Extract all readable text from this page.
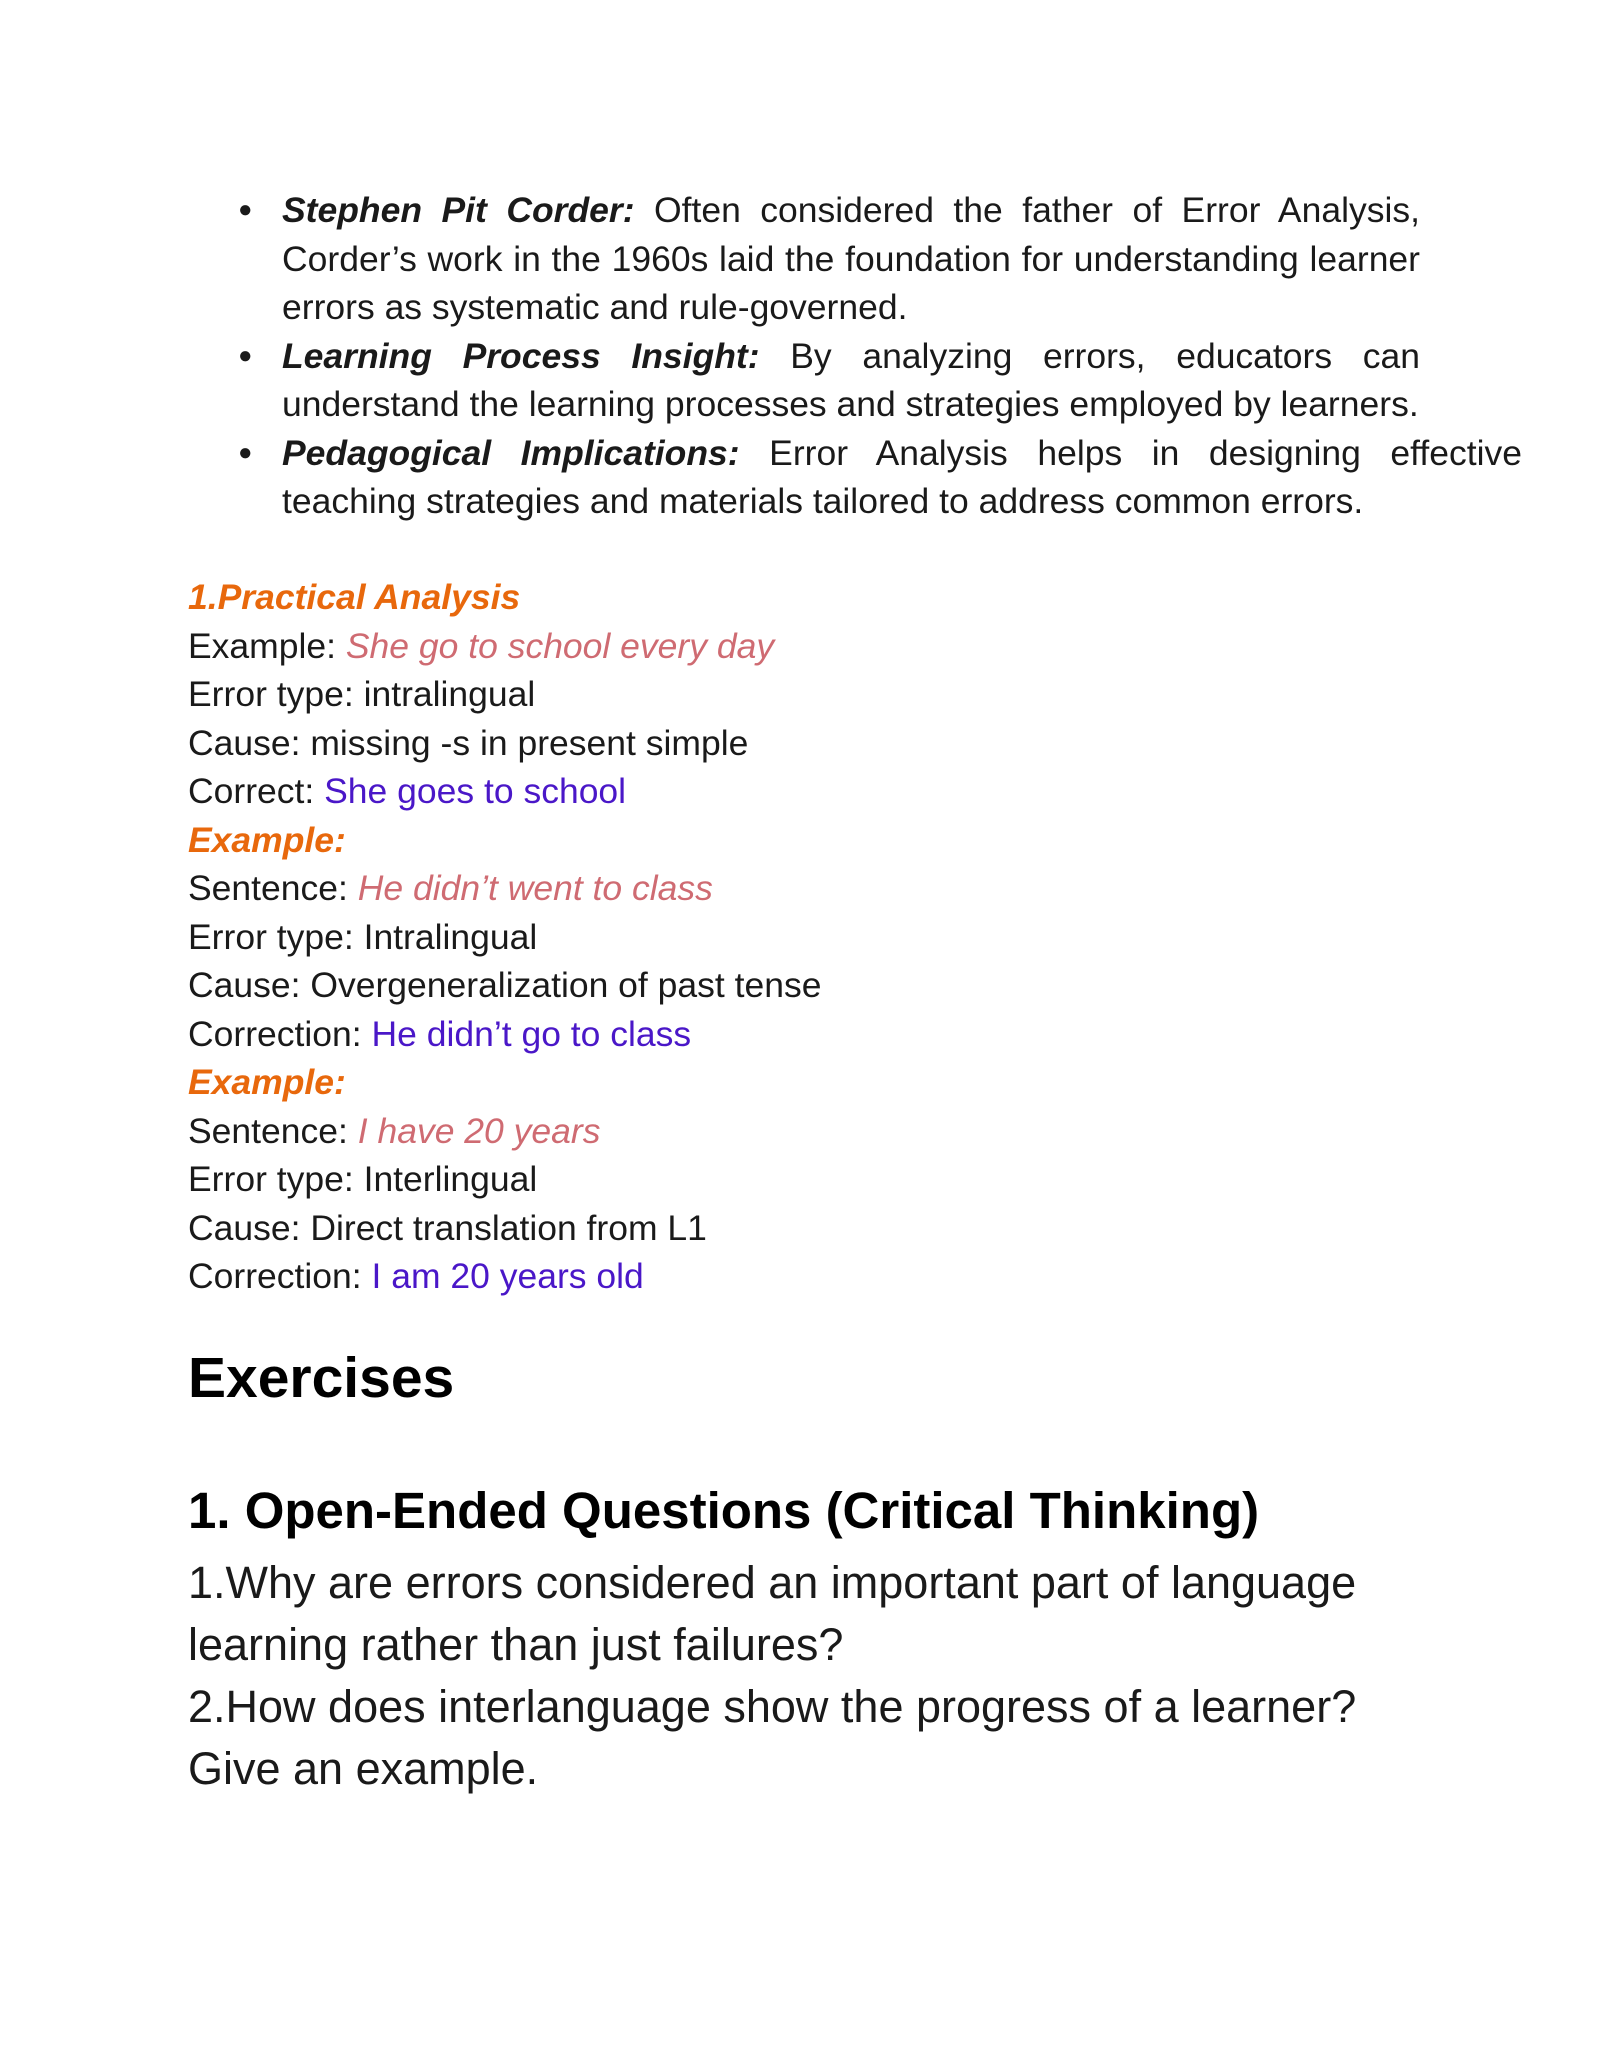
● Stephen Pit Corder: Often considered the father of Error Analysis, Corder’s work in the 1960s laid the foundation for understanding learner errors as systematic and rule-governed.
● Learning Process Insight: By analyzing errors, educators can understand the learning processes and strategies employed by learners.
● Pedagogical Implications: Error Analysis helps in designing effective teaching strategies and materials tailored to address common errors.
1.Practical Analysis
Example: She go to school every day
Error type: intralingual
Cause: missing -s in present simple
Correct: She goes to school
Example:
Sentence: He didn’t went to class
Error type: Intralingual
Cause: Overgeneralization of past tense
Correction: He didn’t go to class
Example:
Sentence: I have 20 years
Error type: Interlingual
Cause: Direct translation from L1
Correction: I am 20 years old
Exercises
1. Open-Ended Questions (Critical Thinking)
1.Why are errors considered an important part of language
learning rather than just failures?
2.How does interlanguage show the progress of a learner?
Give an example.
